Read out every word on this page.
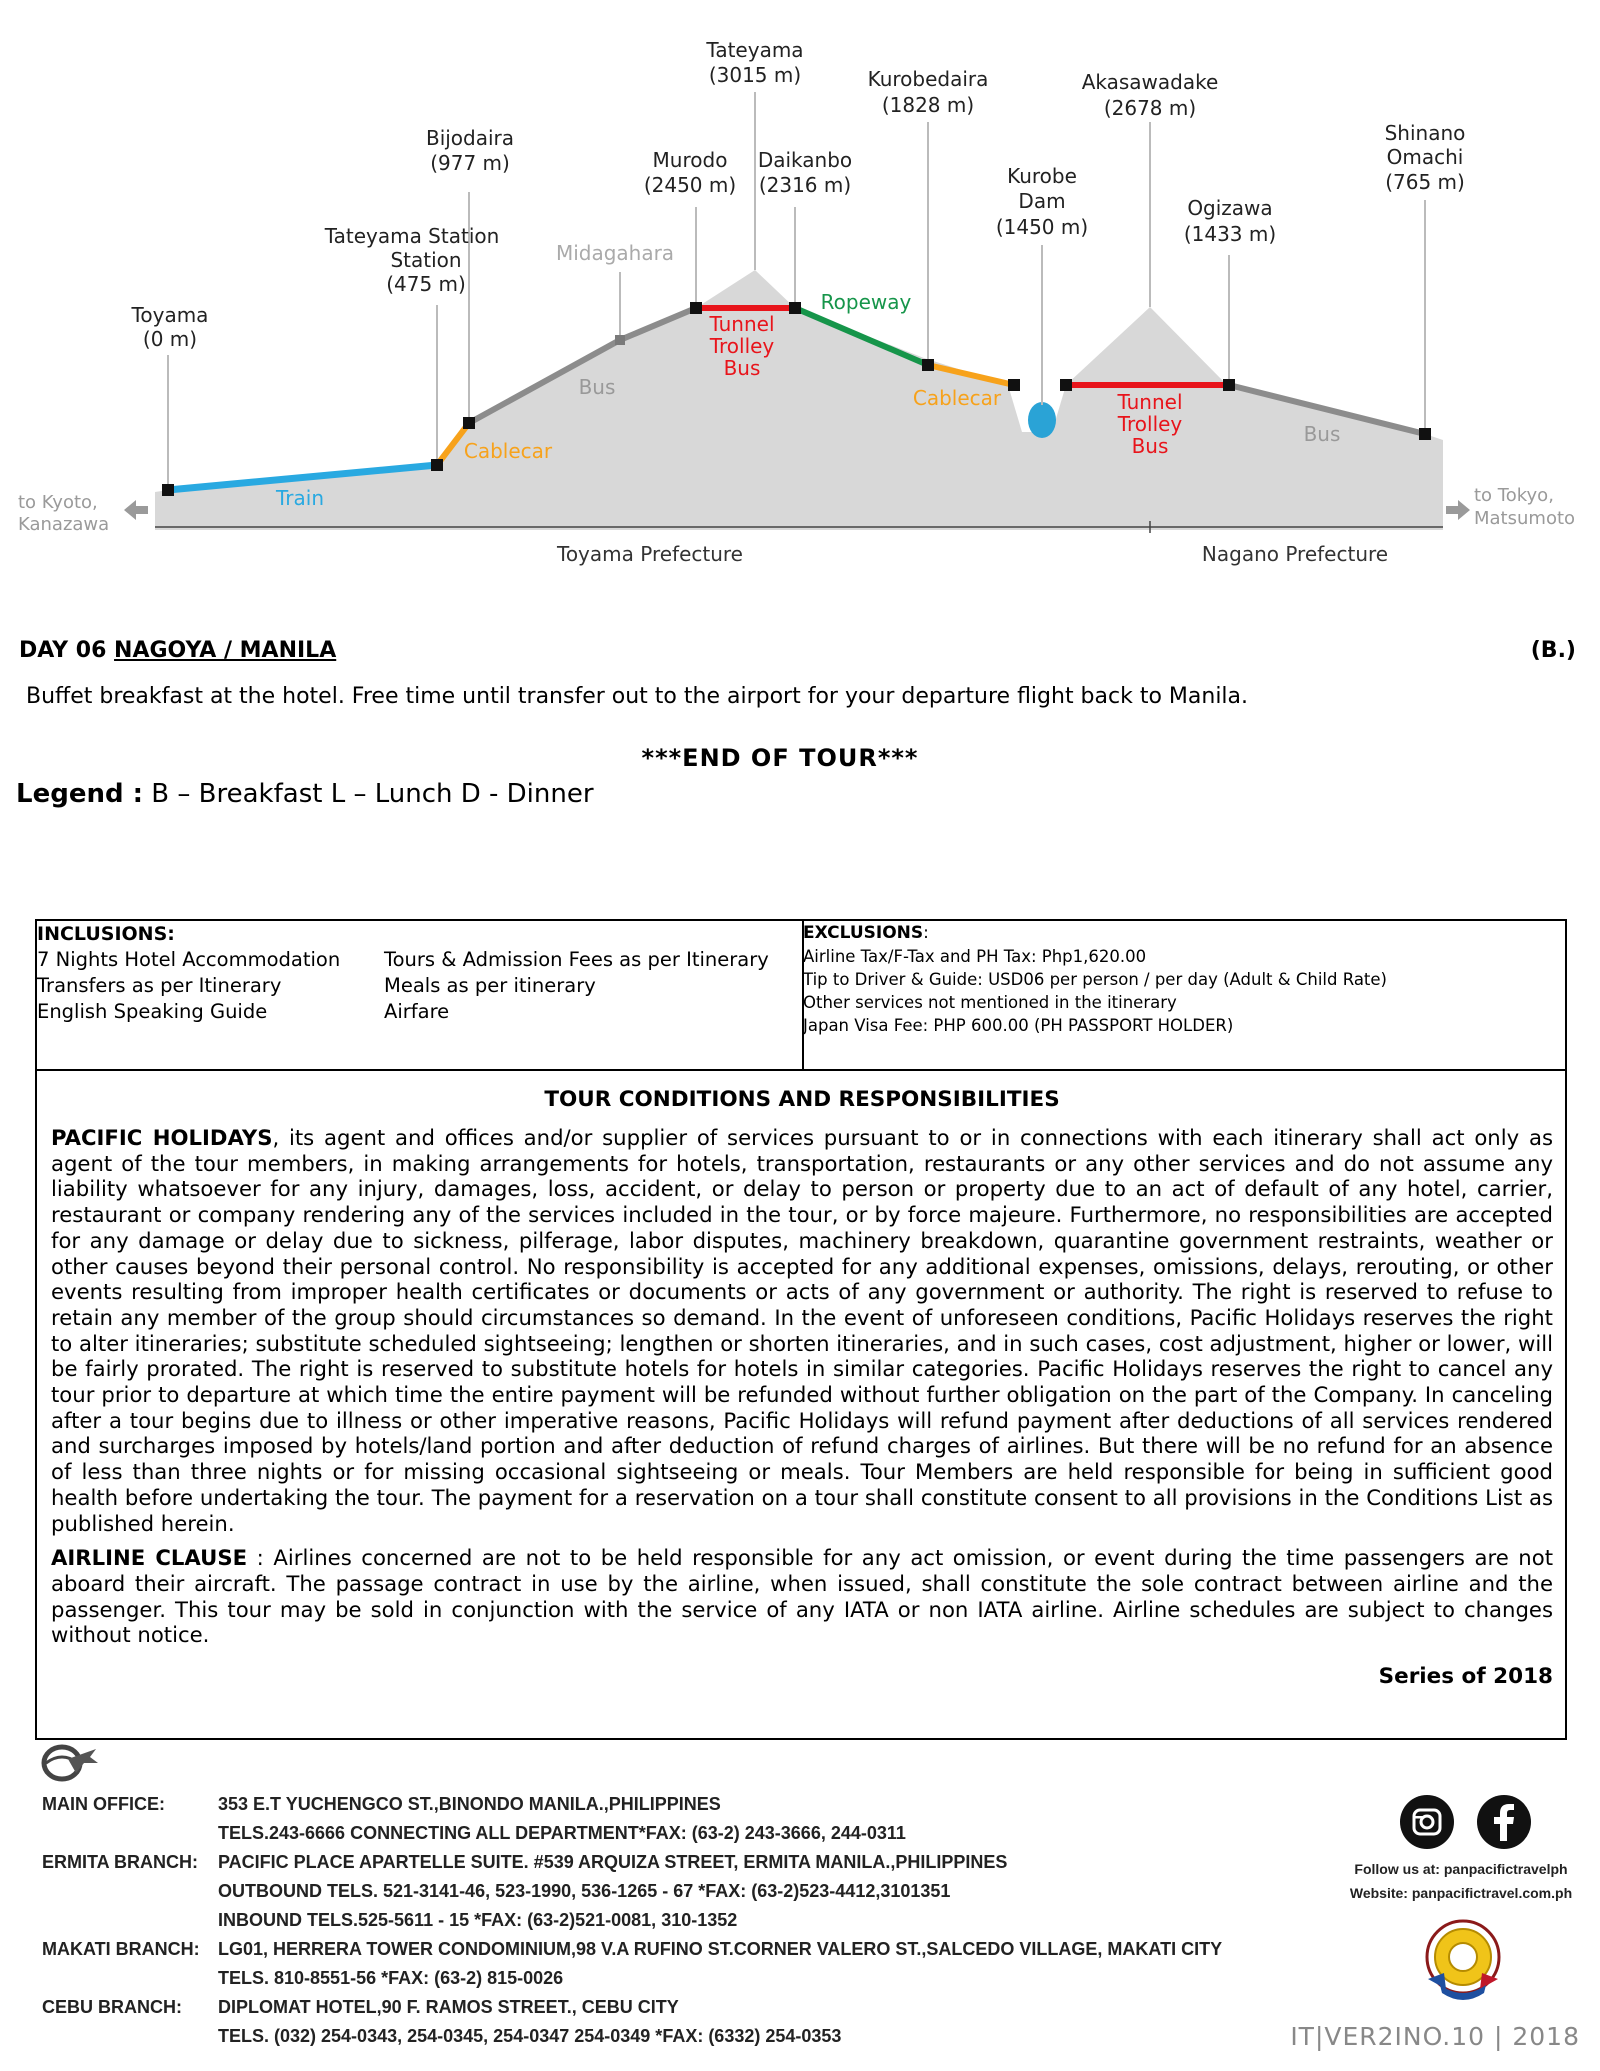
Toyama (0 m)
Tateyama Station Station (475 m)
Bijodaira (977 m)
Midagahara
Murodo (2450 m)
Tateyama (3015 m)
Daikanbo (2316 m)
Kurobedaira (1828 m)
Kurobe Dam (1450 m)
Akasawadake (2678 m)
Ogizawa (1433 m)
Shinano Omachi (765 m)
Train
Cablecar
Bus
Tunnel Trolley Bus
Ropeway
Cablecar	Tunnel Trolley Bus	Bus
to Kyoto, Kanazawa
to Tokyo, Matsumoto
Toyama Prefecture	Nagano Prefecture
DAY 06 NAGOYA / MANILA	(B.)
Buffet breakfast at the hotel. Free time until transfer out to the airport for your departure flight back to Manila.
***END OF TOUR***
Legend : B – Breakfast L – Lunch D - Dinner
INCLUSIONS:
7 Nights Hotel Accommodation
Transfers as per Itinerary
English Speaking Guide
Tours & Admission Fees as per Itinerary
Meals as per itinerary
Airfare
EXCLUSIONS:
Airline Tax/F-Tax and PH Tax: Php1,620.00
Tip to Driver & Guide: USD06 per person / per day (Adult & Child Rate)
Other services not mentioned in the itinerary
Japan Visa Fee: PHP 600.00 (PH PASSPORT HOLDER)
TOUR CONDITIONS AND RESPONSIBILITIES

PACIFIC HOLIDAYS, its agent and offices and/or supplier of services pursuant to or in connections with each itinerary shall act only as agent of the tour members, in making arrangements for hotels, transportation, restaurants or any other services and do not assume any liability whatsoever for any injury, damages, loss, accident, or delay to person or property due to an act of default of any hotel, carrier, restaurant or company rendering any of the services included in the tour, or by force majeure. Furthermore, no responsibilities are accepted for any damage or delay due to sickness, pilferage, labor disputes, machinery breakdown, quarantine government restraints, weather or other causes beyond their personal control. No responsibility is accepted for any additional expenses, omissions, delays, rerouting, or other events resulting from improper health certificates or documents or acts of any government or authority. The right is reserved to refuse to retain any member of the group should circumstances so demand. In the event of unforeseen conditions, Pacific Holidays reserves the right to alter itineraries; substitute scheduled sightseeing; lengthen or shorten itineraries, and in such cases, cost adjustment, higher or lower, will be fairly prorated. The right is reserved to substitute hotels for hotels in similar categories. Pacific Holidays reserves the right to cancel any tour prior to departure at which time the entire payment will be refunded without further obligation on the part of the Company. In canceling after a tour begins due to illness or other imperative reasons, Pacific Holidays will refund payment after deductions of all services rendered and surcharges imposed by hotels/land portion and after deduction of refund charges of airlines. But there will be no refund for an absence of less than three nights or for missing occasional sightseeing or meals. Tour Members are held responsible for being in sufficient good health before undertaking the tour. The payment for a reservation on a tour shall constitute consent to all provisions in the Conditions List as published herein.

AIRLINE CLAUSE : Airlines concerned are not to be held responsible for any act omission, or event during the time passengers are not aboard their aircraft. The passage contract in use by the airline, when issued, shall constitute the sole contract between airline and the passenger. This tour may be sold in conjunction with the service of any IATA or non IATA airline. Airline schedules are subject to changes without notice.

Series of 2018
MAIN OFFICE:	353 E.T YUCHENGCO ST.,BINONDO MANILA.,PHILIPPINES
TELS.243-6666 CONNECTING ALL DEPARTMENT*FAX: (63-2) 243-3666, 244-0311
ERMITA BRANCH: PACIFIC PLACE APARTELLE SUITE. #539 ARQUIZA STREET, ERMITA MANILA.,PHILIPPINES
OUTBOUND TELS. 521-3141-46, 523-1990, 536-1265 - 67 *FAX: (63-2)523-4412,3101351
INBOUND TELS.525-5611 - 15 *FAX: (63-2)521-0081, 310-1352
MAKATI BRANCH: LG01, HERRERA TOWER CONDOMINIUM,98 V.A RUFINO ST.CORNER VALERO ST.,SALCEDO VILLAGE, MAKATI CITY
TELS. 810-8551-56 *FAX: (63-2) 815-0026
CEBU BRANCH: DIPLOMAT HOTEL,90 F. RAMOS STREET., CEBU CITY
TELS. (032) 254-0343, 254-0345, 254-0347 254-0349 *FAX: (6332) 254-0353
Follow us at: panpacifictravelph
Website: panpacifictravel.com.ph
IT|VER2INO.10 | 2018
